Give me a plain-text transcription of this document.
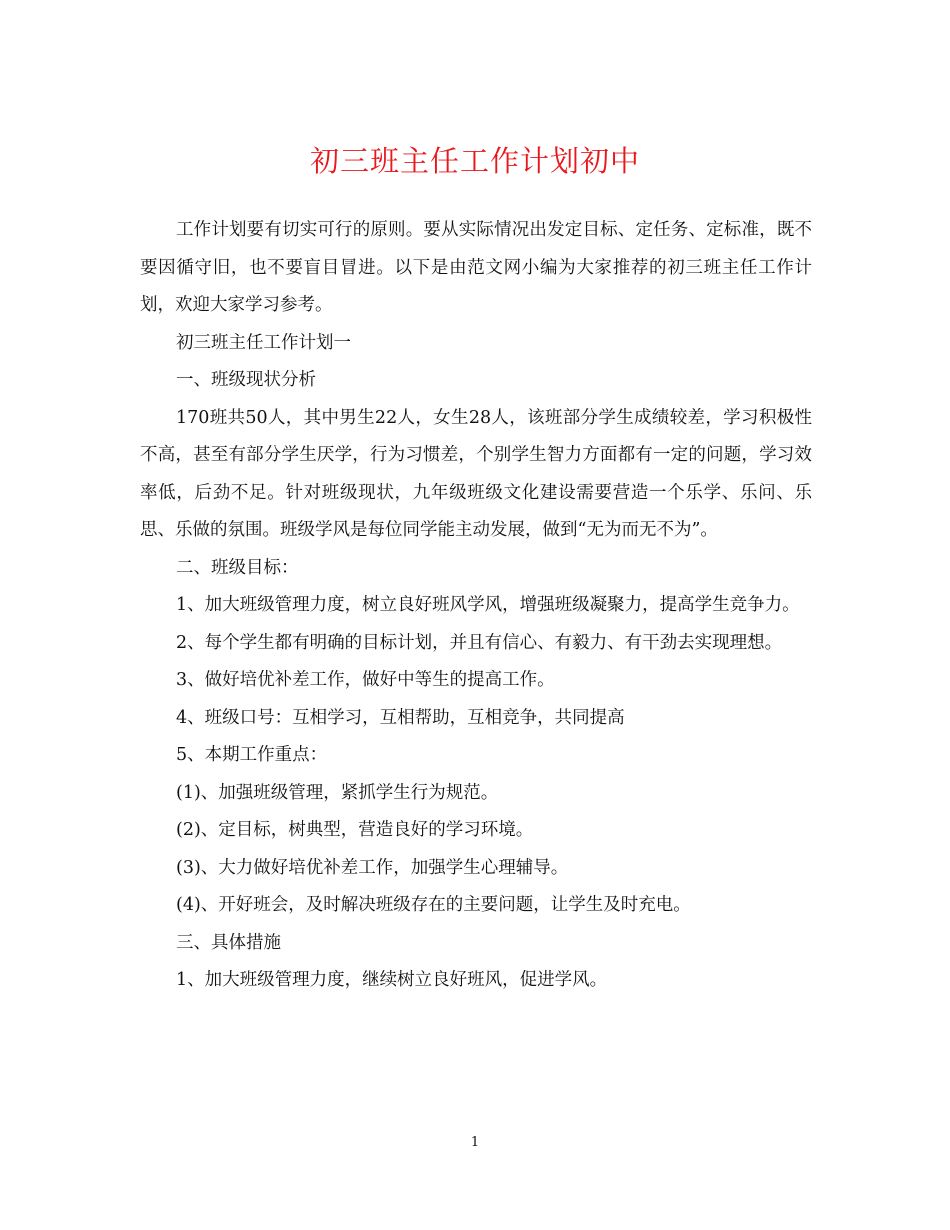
初三班主任工作计划初中

工作计划要有切实可行的原则。要从实际情况出发定目标、定任务、定标准，既不要因循守旧，也不要盲目冒进。以下是由范文网小编为大家推荐的初三班主任工作计划，欢迎大家学习参考。

初三班主任工作计划一

一、班级现状分析

170班共50人，其中男生22人，女生28人，该班部分学生成绩较差，学习积极性不高，甚至有部分学生厌学，行为习惯差，个别学生智力方面都有一定的问题，学习效率低，后劲不足。针对班级现状，九年级班级文化建设需要营造一个乐学、乐问、乐思、乐做的氛围。班级学风是每位同学能主动发展，做到“无为而无不为”。

二、班级目标：

1、加大班级管理力度，树立良好班风学风，增强班级凝聚力，提高学生竞争力。

2、每个学生都有明确的目标计划，并且有信心、有毅力、有干劲去实现理想。

3、做好培优补差工作，做好中等生的提高工作。

4、班级口号：互相学习，互相帮助，互相竞争，共同提高

5、本期工作重点：

(1)、加强班级管理，紧抓学生行为规范。

(2)、定目标，树典型，营造良好的学习环境。

(3)、大力做好培优补差工作，加强学生心理辅导。

(4)、开好班会，及时解决班级存在的主要问题，让学生及时充电。

三、具体措施

1、加大班级管理力度，继续树立良好班风，促进学风。

1
